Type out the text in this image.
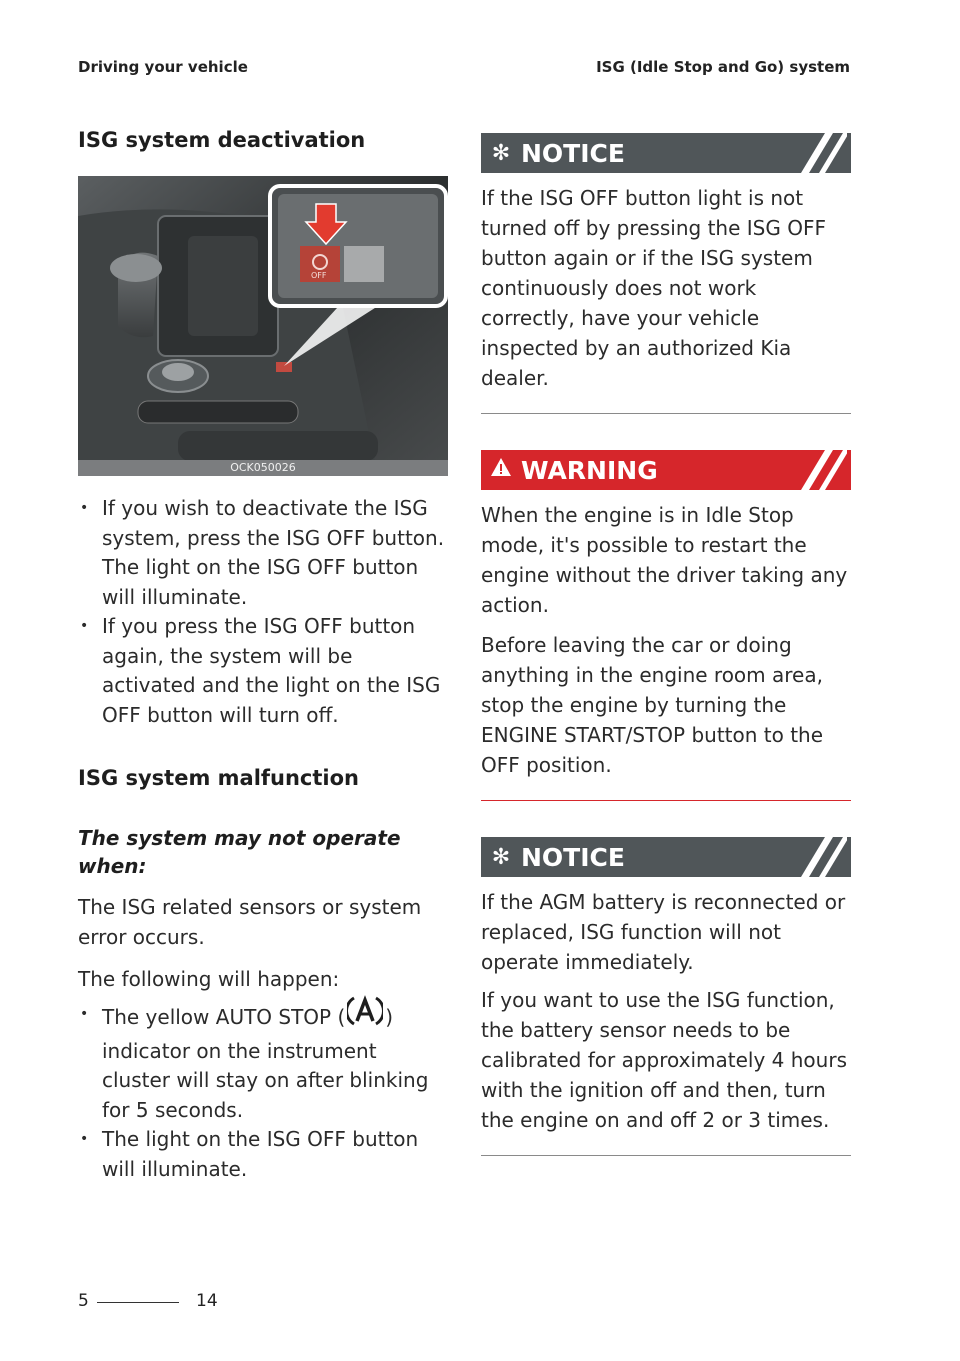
Driving your vehicle	ISG (Idle Stop and Go) system
ISG system deactivation
OFF
OCK050026
• If you wish to deactivate the ISG system, press the ISG OFF button. The light on the ISG OFF button will illuminate.
• If you press the ISG OFF button again, the system will be activated and the light on the ISG OFF button will turn off.
ISG system malfunction

The system may not operate when:

The ISG related sensors or system error occurs.

The following will happen:

• The yellow AUTO STOP ( ) indicator on the instrument cluster will stay on after blinking for 5 seconds.
• The light on the ISG OFF button will illuminate.
✻ NOTICE

If the ISG OFF button light is not turned off by pressing the ISG OFF button again or if the ISG system continuously does not work correctly, have your vehicle inspected by an authorized Kia dealer.

WARNING

When the engine is in Idle Stop mode, it's possible to restart the engine without the driver taking any action.

Before leaving the car or doing anything in the engine room area, stop the engine by turning the ENGINE START/STOP button to the OFF position.

✻ NOTICE

If the AGM battery is reconnected or replaced, ISG function will not operate immediately.

If you want to use the ISG function, the battery sensor needs to be calibrated for approximately 4 hours with the ignition off and then, turn the engine on and off 2 or 3 times.

5	14
